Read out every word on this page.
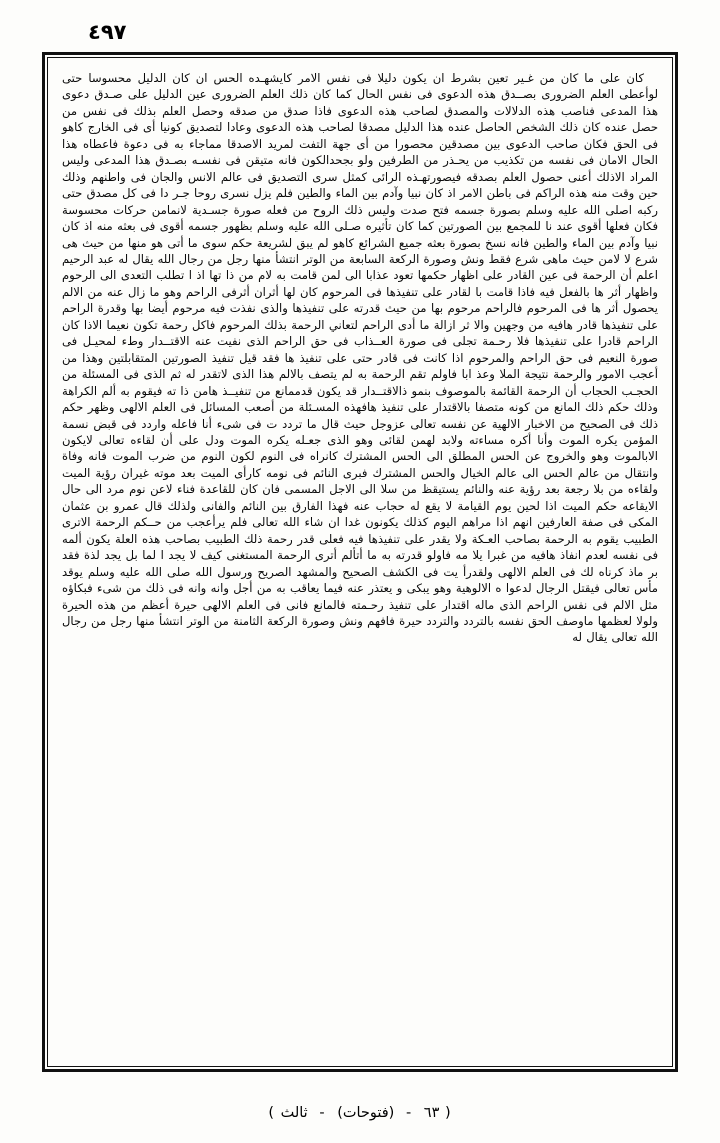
٤٩٧

كان على ما كان من غـير تعين بشرط ان يكون دليلا فى نفس الامر كايشهـده الحس ان كان الدليل محسوسا حتى لوأعطى العلم الضرورى بصــدق هذه الدعوى فى نفس الحال كما كان ذلك العلم الضرورى عين الدليل على صـدق دعوى هذا المدعى فناصب هذه الدلالات والمصدق لصاحب هذه الدعوى فاذا صدق من صدقه وحصل العلم بذلك فى نفس من حصل عنده كان ذلك الشخص الحاصل عنده هذا الدليل مصدقا لصاحب هذه الدعوى وعادا لتصديق كونيا أى فى الخارج كاهو فى الحق فكان صاحب الدعوى بين مصدقين محصورا من أى جهة التفت لمريد الاصدقا مماجاء به فى دعوة فاعطاه هذا الحال الامان فى نفسه من تكذيب من يحـذر من الطرفين ولو بجحدالكون فانه متيقن فى نفسـه بصـدق هذا المدعى وليس المراد الاذلك أعنى حصول العلم بصدقه فيصورتهـذه الرائى كمثل سرى التصديق فى عالم الانس والجان فى واطنهم وذلك حين وقت منه هذه الراكم فى باطن الامر اذ كان نبيا وآدم بين الماء والطين فلم يزل نسرى روحا جـر دا فى كل مصدق حتى ركبه اصلى الله عليه وسلم بصورة جسمه فتح صدت وليس ذلك الروح من فعله صورة جسـدية لانمامن حركات محسوسة فكان فعلها أقوى عند نا للمجمع بين الصورتين كما كان تأثيره صـلى الله عليه وسلم بظهور جسمه أقوى فى بعثه منه اذ كان نبيا وآدم بين الماء والطين فانه نسخ بصورة بعثه جميع الشرائع كاهو لم يبق لشريعة حكم سوى ما أتى هو منها من حيث هى شرع لا لامن حيث ماهى شرع فقط ونش وصورة الركعة السابعة من الوتر انتشأ منها رجل من رجال الله يقال له عبد الرحيم اعلم أن الرحمة فى عين القادر على اظهار حكمها تعود عذابا الى لمن قامت به لام من ذا تها اذ ا تطلب التعدى الى الرحوم واظهار أثر ها بالفعل فيه فاذا قامت با لقادر على تنفيذها فى المرحوم كان لها أثران أثرفى الراحم وهو ما زال عنه من الالم يحصول أثر ها فى المرحوم فالراحم مرحوم بها من حيث قدرته على تنفيذها والذى نفذت فيه مرحوم أيضا بها وقدرة الراحم على تنفيذها قادر هافيه من وجهين والا ثر ازالة ما أدى الراحم لتعاني الرحمة بذلك المرحوم فاكل رحمة تكون نعيما الاذا كان الراحم قادرا على تنفيذها فلا رحـمة تجلى فى صورة العــذاب فى حق الراحم الذى نفيت عنه الاقتــدار وطء لمحيـل فى صورة النعيم فى حق الراحم والمرحوم اذا كانت فى قادر حتى على تنفيذ ها فقد قيل تنفيذ الصورتين المتقابلتين وهذا من أعجب الامور والرحمة نتيجة الملا وعذ ابا فاولم تقم الرحمة به لم يتصف بالالم هذا الذى لاتقدر له ثم الذى فى المسئلة من الحجـب الحجاب أن الرحمة القائمة بالموصوف بنمو ذالاقتــدار قد يكون قدممانع من تنفيــذ هامن ذا ته فيقوم به ألم الكراهة وذلك حكم ذلك المانع من كونه متصفا بالاقتدار على تنفيذ هافهذه المسـئلة من أصعب المسائل فى العلم الالهى وظهر حكم ذلك فى الصحيح من الاخبار الالهية عن نفسه تعالى عزوجل حيث قال ما تردد ت فى شىء أنا فاعله واردد فى قبض نسمة المؤمن يكره الموت وأنا أكره مساءته ولابد لهمن لقائى وهو الذى جعـله يكره الموت ودل على أن لقاءه تعالى لايكون الابالموت وهو والخروج عن الحس المطلق الى الحس المشترك كانراه فى النوم لكون النوم من ضرب الموت فانه وفاة وانتقال من عالم الحس الى عالم الخيال والحس المشترك فبرى النائم فى نومه كارأى الميت بعد موته غيران رؤية الميت ولقاءه من بلا رجعة بعد رؤية عنه والنائم يستيقظ من سلا الى الاجل المسمى فان كان للقاعدة فناء لاعن نوم مرد الى حال الايقاعه حكم الميت اذا لحين يوم القيامة لا يقع له حجاب عنه فهذا الفارق بين النائم والفانى ولذلك قال عمرو بن عثمان المكى فى صفة العارفين انهم اذا مراهم اليوم كذلك يكونون غدا ان شاء الله تعالى فلم يرأعجب من حــكم الرحمة الاترى الطبيب يقوم به الرحمة بصاحب العـكة ولا يقدر على تنفيذها فيه فعلى قدر رحمة ذلك الطبيب بصاحب هذه العلة يكون ألمه فى نفسه لعدم انفاذ هافيه من غبرا يلا مه فاولو قدرته به ما أتألم أترى الرحمة المستغنى كيف لا يجد ا لما بل يجد لذة فقد بر ماذ كرناه لك فى العلم الالهى ولقدرأ يت فى الكشف الصحيح والمشهد الصريح ورسول الله صلى الله عليه وسلم يوقد مأس تعالى فيقتل الرجال لدعوا ه الالوهية وهو يبكى و يعتذر عنه فيما يعاقب به من أجل وانه وانه فى ذلك من شىء فبكاؤه مثل الالم فى نفس الراحم الذى ماله اقتدار على تنفيذ رحـمته فالمانع فانى فى العلم الالهى حيرة أعظم من هذه الحيرة ولولا لعظمها ماوصف الحق نفسه بالتردد والتردد حيرة فافهم ونش وصورة الركعة الثامنة من الوتر انتشأ منها رجل من رجال الله تعالى يقال له

( ٦٣ - (فتوحات) - ثالث )
